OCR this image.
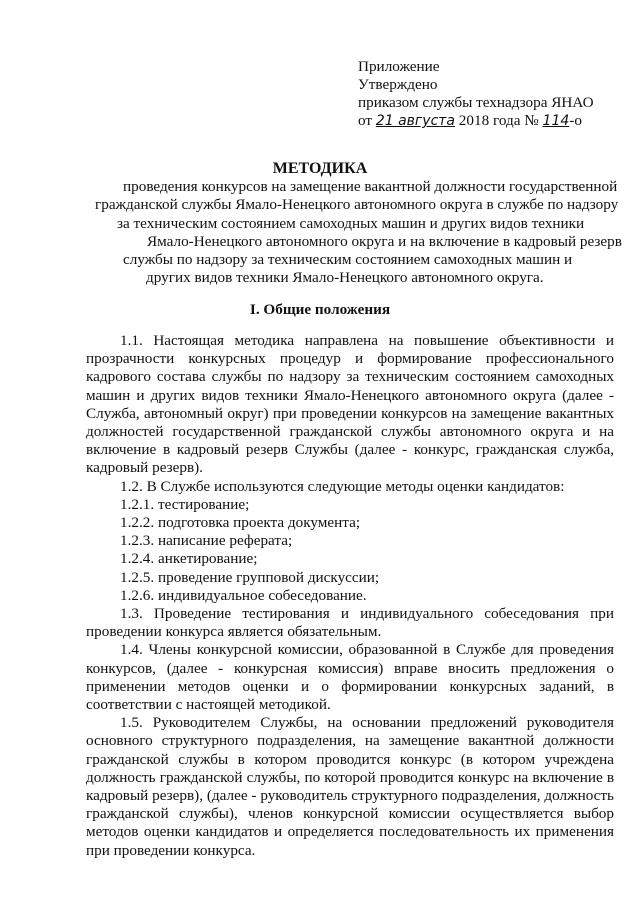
Приложение
Утверждено
приказом службы технадзора ЯНАО
от 21 августа 2018 года № 114-о
МЕТОДИКА
проведения конкурсов на замещение вакантной должности государственной
гражданской службы Ямало-Ненецкого автономного округа в службе по надзору
за техническим состоянием самоходных машин и других видов техники
Ямало-Ненецкого автономного округа и на включение в кадровый резерв
службы по надзору за техническим состоянием самоходных машин и
других видов техники Ямало-Ненецкого автономного округа.
I. Общие положения
1.1. Настоящая методика направлена на повышение объективности и прозрачности конкурсных процедур и формирование профессионального кадрового состава службы по надзору за техническим состоянием самоходных машин и других видов техники Ямало-Ненецкого автономного округа (далее - Служба, автономный округ) при проведении конкурсов на замещение вакантных должностей государственной гражданской службы автономного округа и на включение в кадровый резерв Службы (далее - конкурс, гражданская служба, кадровый резерв).
1.2. В Службе используются следующие методы оценки кандидатов:
1.2.1. тестирование;
1.2.2. подготовка проекта документа;
1.2.3. написание реферата;
1.2.4. анкетирование;
1.2.5. проведение групповой дискуссии;
1.2.6. индивидуальное собеседование.
1.3. Проведение тестирования и индивидуального собеседования при проведении конкурса является обязательным.
1.4. Члены конкурсной комиссии, образованной в Службе для проведения конкурсов, (далее - конкурсная комиссия) вправе вносить предложения о применении методов оценки и о формировании конкурсных заданий, в соответствии с настоящей методикой.
1.5. Руководителем Службы, на основании предложений руководителя основного структурного подразделения, на замещение вакантной должности гражданской службы в котором проводится конкурс (в котором учреждена должность гражданской службы, по которой проводится конкурс на включение в кадровый резерв), (далее - руководитель структурного подразделения, должность гражданской службы), членов конкурсной комиссии осуществляется выбор методов оценки кандидатов и определяется последовательность их применения при проведении конкурса.
